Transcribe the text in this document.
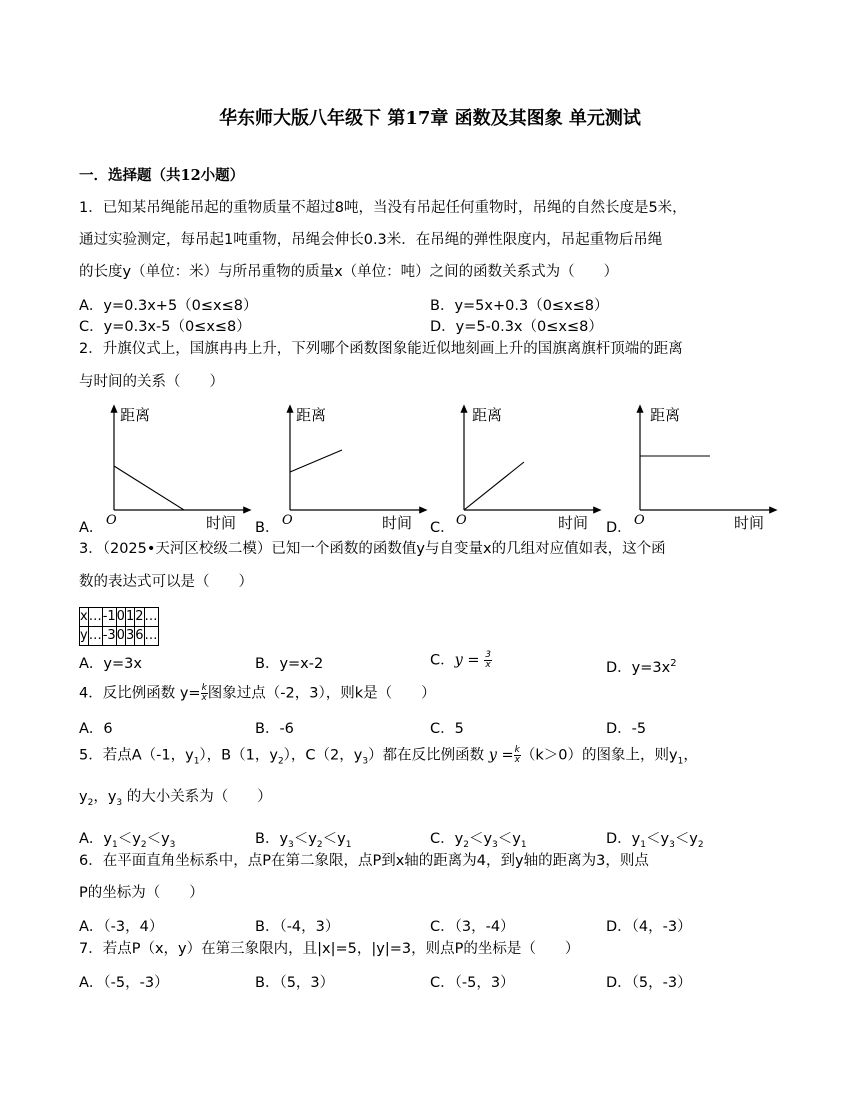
华东师大版八年级下 第17章 函数及其图象 单元测试
一．选择题（共12小题）
1．已知某吊绳能吊起的重物质量不超过8吨，当没有吊起任何重物时，吊绳的自然长度是5米，
通过实验测定，每吊起1吨重物，吊绳会伸长0.3米．在吊绳的弹性限度内，吊起重物后吊绳
的长度y（单位：米）与所吊重物的质量x（单位：吨）之间的函数关系式为（　　）
A．y=0.3x+5（0≤x≤8）	B．y=5x+0.3（0≤x≤8）
C．y=0.3x-5（0≤x≤8）	D．y=5-0.3x（0≤x≤8）
2．升旗仪式上，国旗冉冉上升，下列哪个函数图象能近似地刻画上升的国旗离旗杆顶端的距离
与时间的关系（　　）
距离
时间
O
距离
时间
O
距离
时间
O
距离
时间
O
A．	B．	C．	D．
3．（2025•天河区校级二模）已知一个函数的函数值y与自变量x的几组对应值如表，这个函
数的表达式可以是（　　）
x	…	-1	0	1	2	…
y	…	-3	0	3	6	…
A．y=3x	B．y=x-2	C．$y = \frac{3}{x}$	D．$y=3x^2$
4．反比例函数 $y= \frac{k}{x}$ 图象过点（-2，3），则k是（　　）
A．6	B．-6	C．5	D．-5
5．若点A（-1，$y_1$），B（1，$y_2$），C（2，$y_3$）都在反比例函数 $y = \frac{k}{x} (k>0)$的图象上，则$y_1$，
$y_2$，$y_3$ 的大小关系为（　　）
A．$y_1<y_2<y_3$	B．$y_3<y_2<y_1$	C．$y_2<y_3<y_1$	D．$y_1<y_3<y_2$
6．在平面直角坐标系中，点P在第二象限，点P到x轴的距离为4，到y轴的距离为3，则点
P的坐标为（　　）
A．（-3，4）	B．（-4，3）	C．（3，-4）	D．（4，-3）
7．若点P（x，y）在第三象限内，且|x|=5，|y|=3，则点P的坐标是（　　）
A．（-5，-3）	B．（5，3）	C．（-5，3）	D．（5，-3）
